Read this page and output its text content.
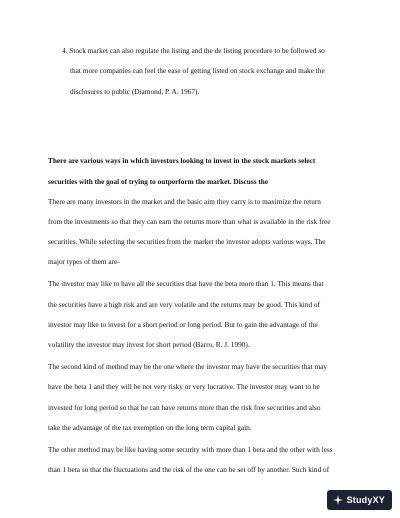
4. Stock market can also regulate the listing and the de listing procedure to be followed so
that more companies can feel the ease of getting listed on stock exchange and make the
disclosures to public (Diamond, P. A. 1967).
There are various ways in which investors looking to invest in the stock markets select
securities with the goal of trying to outperform the market. Discuss the
There are many investors in the market and the basic aim they carry is to maximize the return
from the investments so that they can earn the returns more than what is available in the risk free
securities. While selecting the securities from the market the investor adopts various ways. The
major types of them are-
The investor may like to have all the securities that have the beta more than 1. This means that
the securities have a high risk and are very volatile and the returns may be good. This kind of
investor may like to invest for a short period or long period. But to gain the advantage of the
volatility the investor may invest for short period (Barro, R. J. 1990).
The second kind of method may be the one where the investor may have the securities that may
have the beta 1 and they will be not very risky or very lucrative. The investor may want to be
invested for long period so that he can have returns more than the risk free securities and also
take the advantage of the tax exemption on the long term capital gain.
The other method may be like having some security with more than 1 beta and the other with less
than 1 beta so that the fluctuations and the risk of the one can be set off by another. Such kind of
StudyXY
